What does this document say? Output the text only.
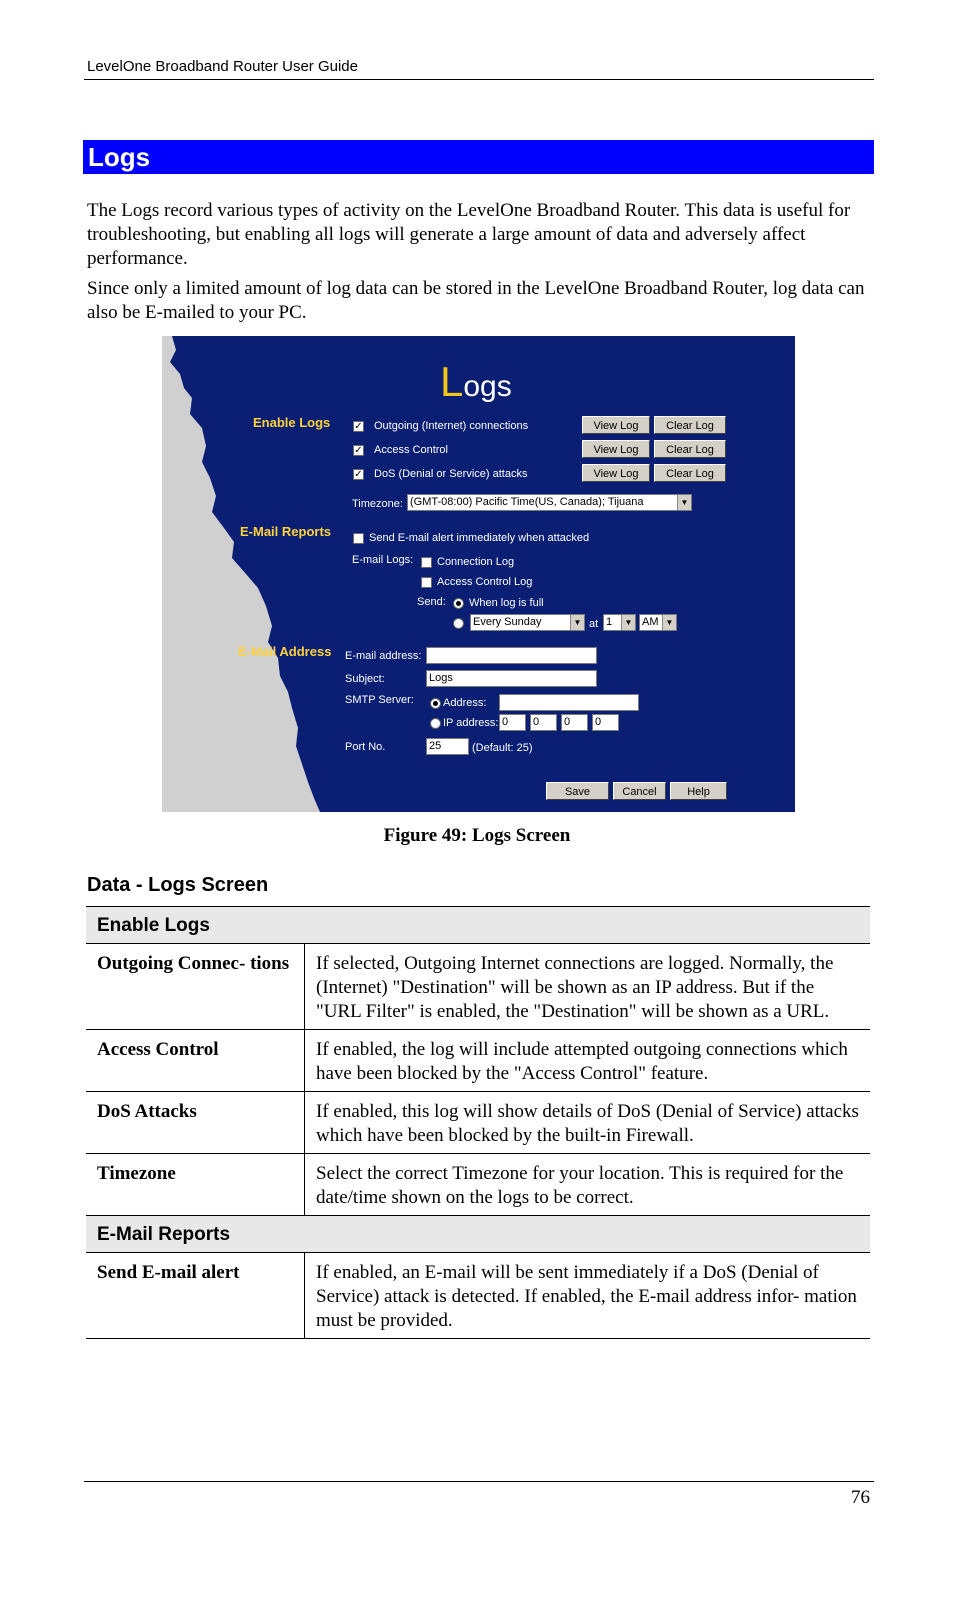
LevelOne Broadband Router User Guide
Logs
The Logs record various types of activity on the LevelOne Broadband Router. This data is useful for troubleshooting, but enabling all logs will generate a large amount of data and adversely affect performance.
Since only a limited amount of log data can be stored in the LevelOne Broadband Router, log data can also be E-mailed to your PC.
Logs
Enable Logs ✓ Outgoing (Internet) connections	View Log	Clear Log
✓ Access Control	View Log	Clear Log
✓ DoS (Denial or Service) attacks	View Log	Clear Log
Timezone: (GMT-08:00) Pacific Time(US, Canada); Tijuana	▼
E-Mail Reports	Send E-mail alert immediately when attacked
E-mail Logs: Connection Log
Access Control Log
Send: When log is full
Every Sunday	▼ at 1	▼ AM ▼
E-Mail Address E-mail address:
Subject:	Logs
SMTP Server:	Address:
IP address: 0	0	0	0
Port No.	25	(Default: 25)
Save	Cancel	Help
Figure 49: Logs Screen
Data - Logs Screen
Enable Logs	
Outgoing Connec- tions	If selected, Outgoing Internet connections are logged. Normally, the (Internet) "Destination" will be shown as an IP address. But if the "URL Filter" is enabled, the "Destination" will be shown as a URL.
Access Control	If enabled, the log will include attempted outgoing connections which have been blocked by the "Access Control" feature.
DoS Attacks	If enabled, this log will show details of DoS (Denial of Service) attacks which have been blocked by the built-in Firewall.
Timezone	Select the correct Timezone for your location. This is required for the date/time shown on the logs to be correct.
E-Mail Reports	
Send E-mail alert	If enabled, an E-mail will be sent immediately if a DoS (Denial of Service) attack is detected. If enabled, the E-mail address infor- mation must be provided.
76
